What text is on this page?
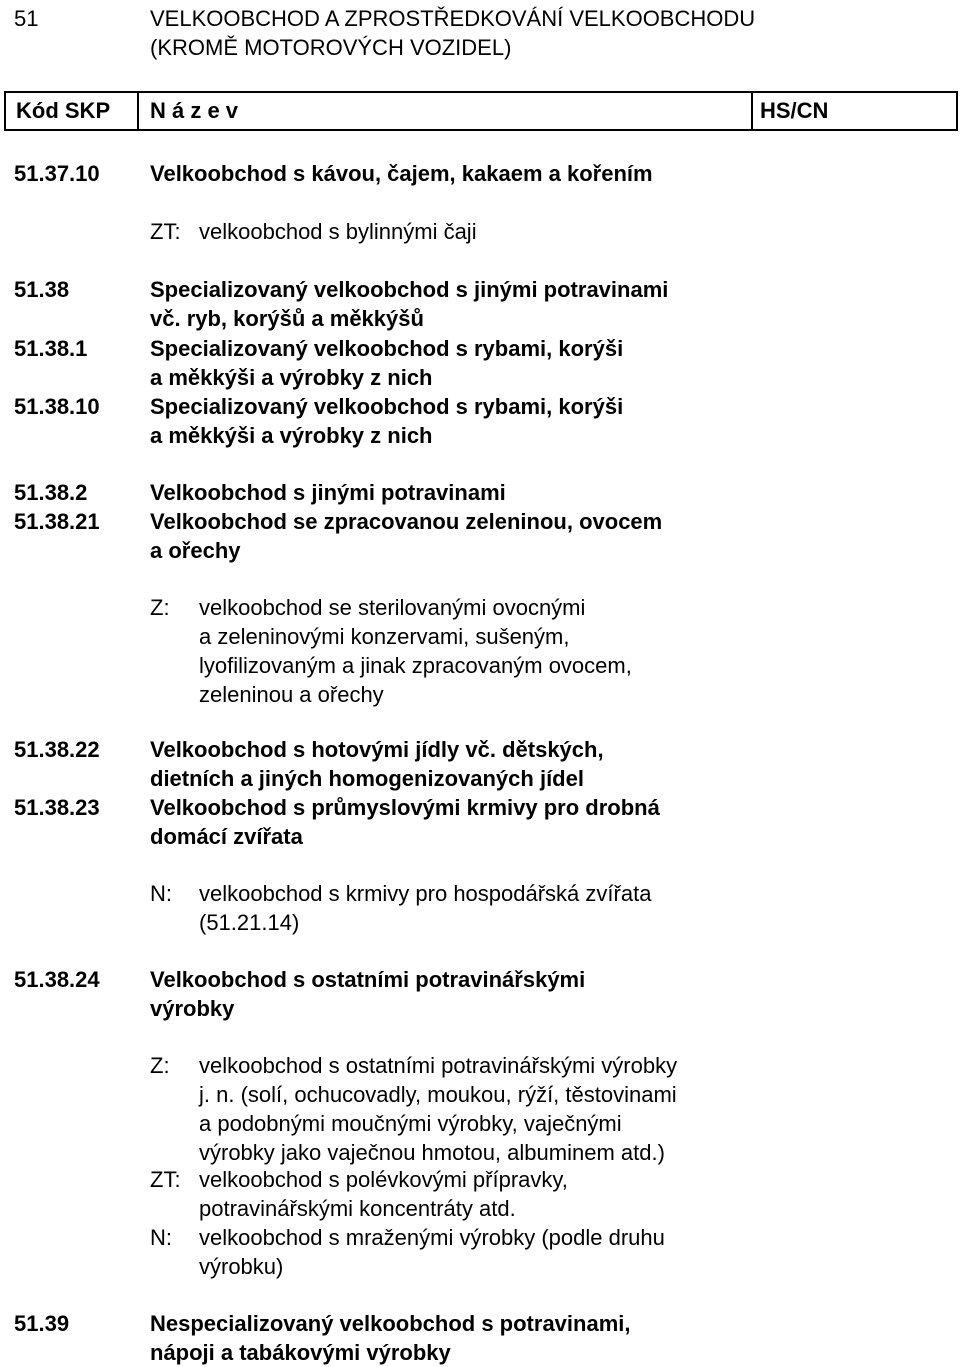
51	VELKOOBCHOD A ZPROSTŘEDKOVÁNÍ VELKOOBCHODU
(KROMĚ MOTOROVÝCH VOZIDEL)
Kód SKP N á z e v	HS/CN
51.37.10 Velkoobchod s kávou, čajem, kakaem a kořením
ZT: velkoobchod s bylinnými čaji
51.38	Specializovaný velkoobchod s jinými potravinami
vč. ryb, korýšů a měkkýšů
51.38.1	Specializovaný velkoobchod s rybami, korýši
a měkkýši a výrobky z nich
51.38.10 Specializovaný velkoobchod s rybami, korýši
a měkkýši a výrobky z nich
51.38.2	Velkoobchod s jinými potravinami
51.38.21 Velkoobchod se zpracovanou zeleninou, ovocem
a ořechy
Z: velkoobchod se sterilovanými ovocnými
a zeleninovými konzervami, sušeným,
lyofilizovaným a jinak zpracovaným ovocem,
zeleninou a ořechy
51.38.22 Velkoobchod s hotovými jídly vč. dětských,
dietních a jiných homogenizovaných jídel
51.38.23 Velkoobchod s průmyslovými krmivy pro drobná
domácí zvířata
N: velkoobchod s krmivy pro hospodářská zvířata
(51.21.14)
51.38.24 Velkoobchod s ostatními potravinářskými
výrobky
Z: velkoobchod s ostatními potravinářskými výrobky
j. n. (solí, ochucovadly, moukou, rýží, těstovinami
a podobnými moučnými výrobky, vaječnými
výrobky jako vaječnou hmotou, albuminem atd.)
ZT: velkoobchod s polévkovými přípravky,
potravinářskými koncentráty atd.
N: velkoobchod s mraženými výrobky (podle druhu
výrobku)
51.39	Nespecializovaný velkoobchod s potravinami,
nápoji a tabákovými výrobky
